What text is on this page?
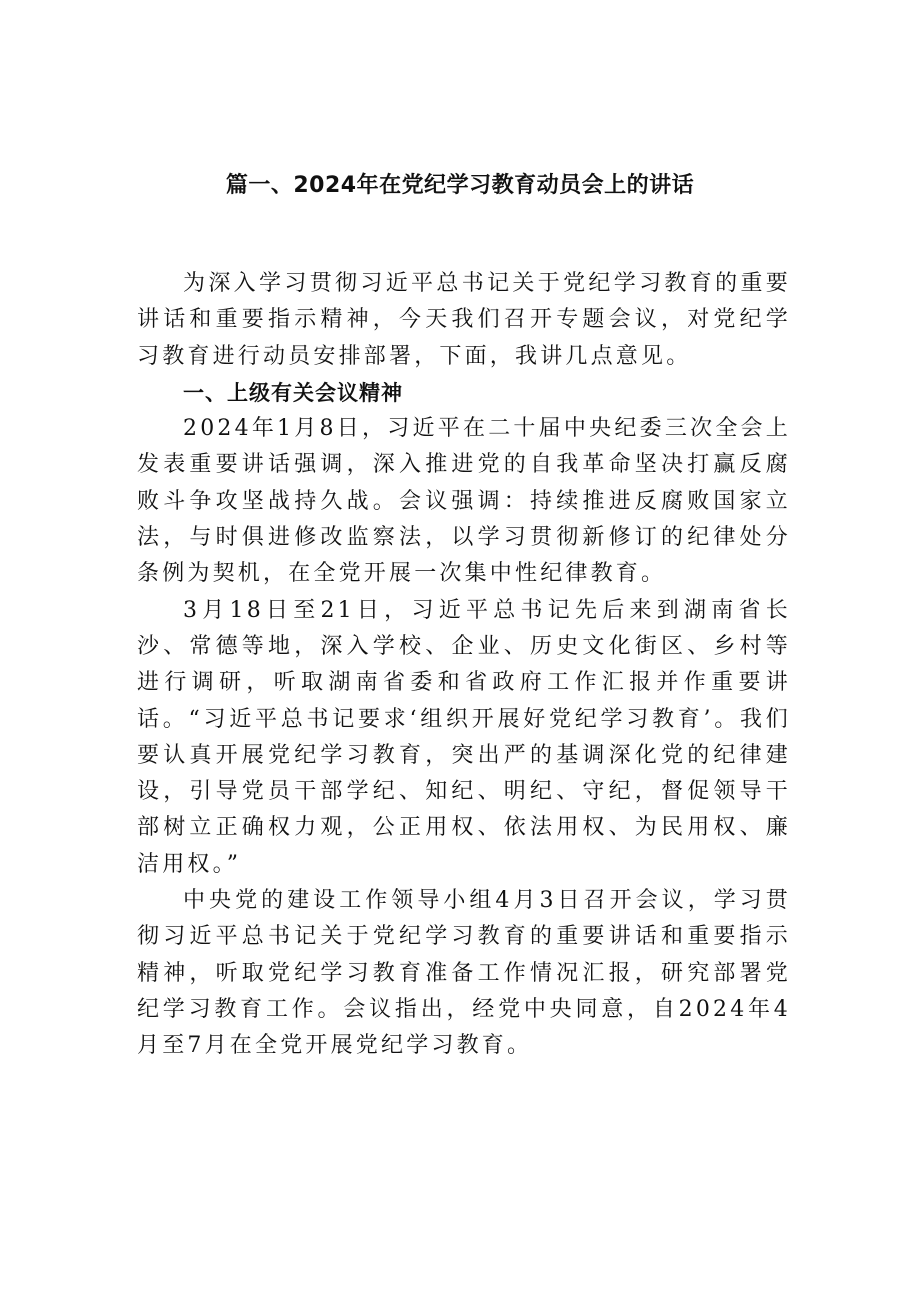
篇一、2024年在党纪学习教育动员会上的讲话

为深入学习贯彻习近平总书记关于党纪学习教育的重要讲话和重要指示精神，今天我们召开专题会议，对党纪学习教育进行动员安排部署，下面，我讲几点意见。

一、上级有关会议精神

2024年1月8日，习近平在二十届中央纪委三次全会上发表重要讲话强调，深入推进党的自我革命坚决打赢反腐败斗争攻坚战持久战。会议强调：持续推进反腐败国家立法，与时俱进修改监察法，以学习贯彻新修订的纪律处分条例为契机，在全党开展一次集中性纪律教育。

3月18日至21日，习近平总书记先后来到湖南省长沙、常德等地，深入学校、企业、历史文化街区、乡村等进行调研，听取湖南省委和省政府工作汇报并作重要讲话。“习近平总书记要求‘组织开展好党纪学习教育’。我们要认真开展党纪学习教育，突出严的基调深化党的纪律建设，引导党员干部学纪、知纪、明纪、守纪，督促领导干部树立正确权力观，公正用权、依法用权、为民用权、廉洁用权。”

中央党的建设工作领导小组4月3日召开会议，学习贯彻习近平总书记关于党纪学习教育的重要讲话和重要指示精神，听取党纪学习教育准备工作情况汇报，研究部署党纪学习教育工作。会议指出，经党中央同意，自2024年4月至7月在全党开展党纪学习教育。
